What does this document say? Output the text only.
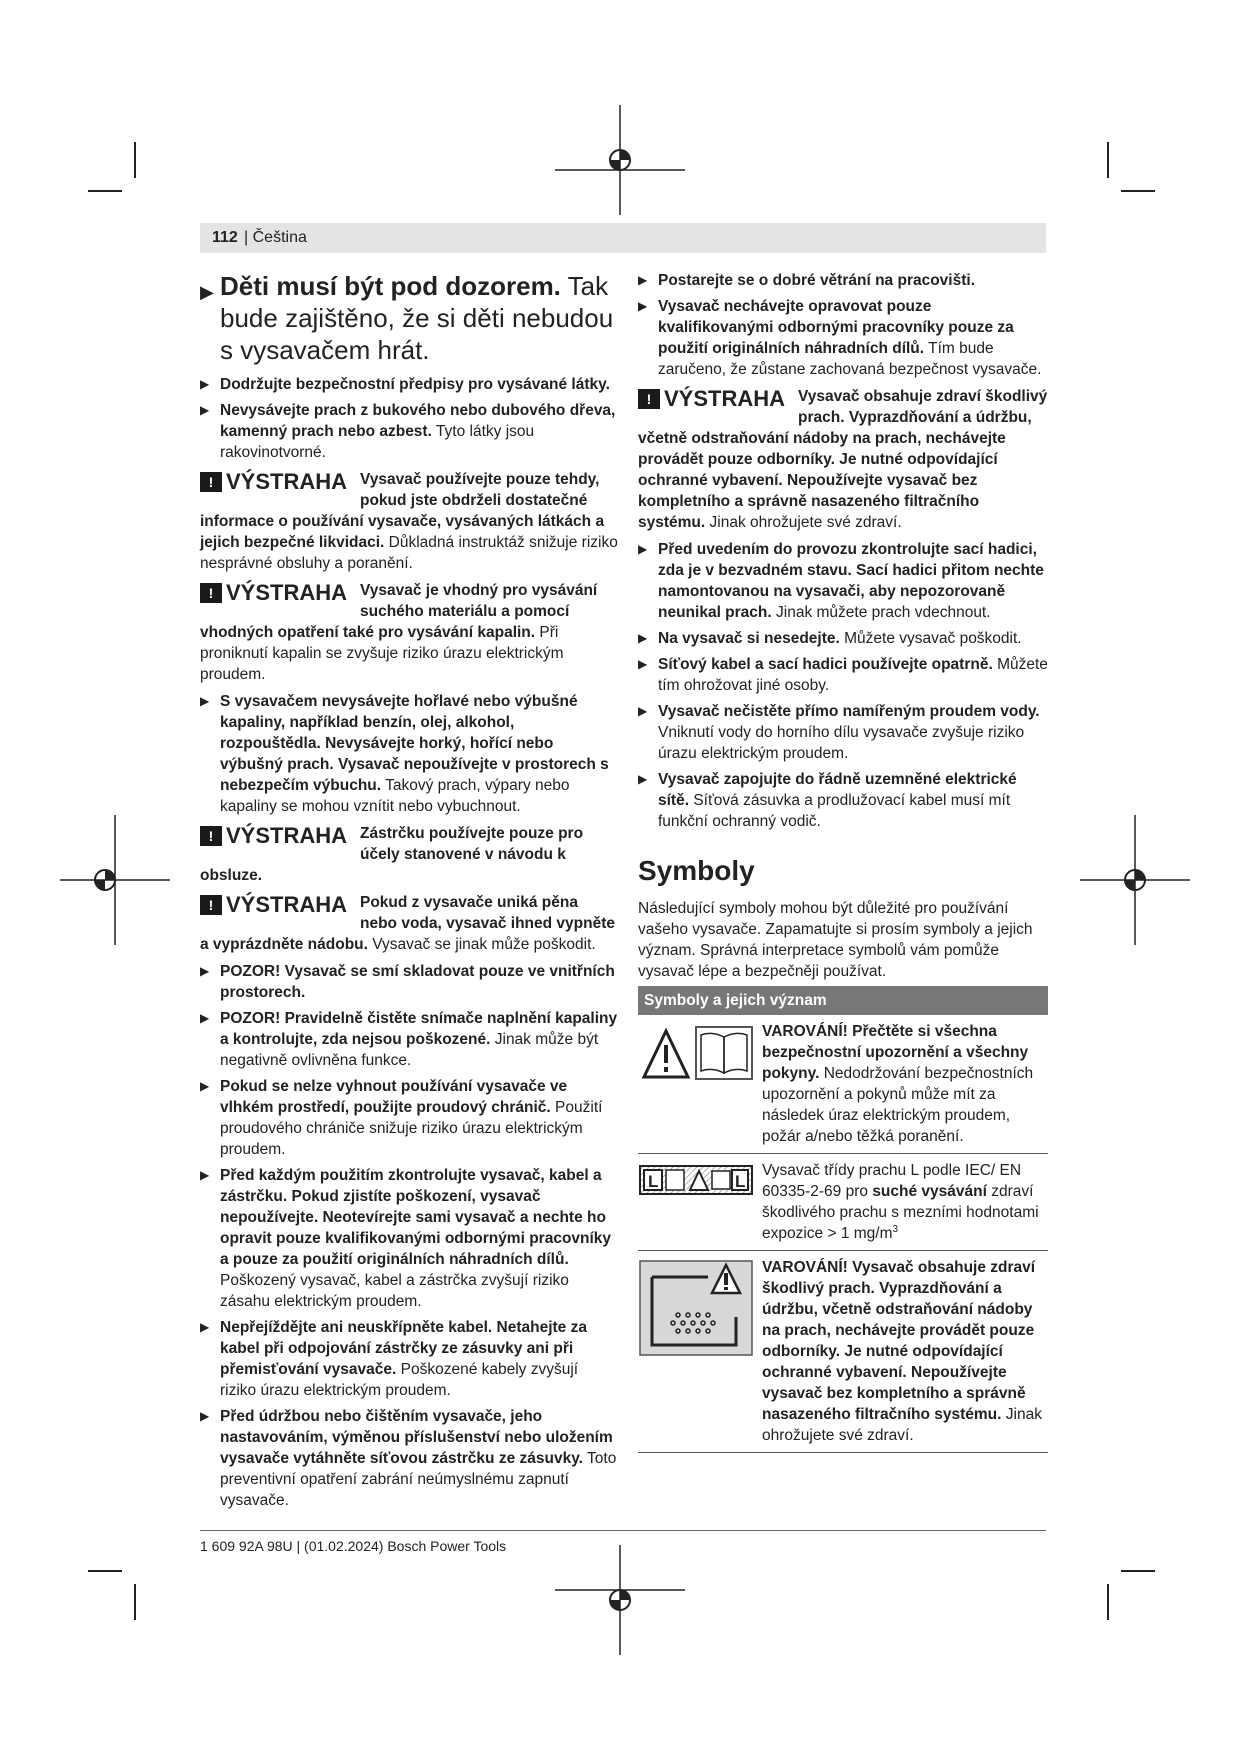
112 | Čeština
▶ Děti musí být pod dozorem. Tak bude zajištěno, že si děti nebudou s vysavačem hrát.
▶ Dodržujte bezpečnostní předpisy pro vysávané látky.
▶ Nevysávejte prach z bukového nebo dubového dřeva, kamenný prach nebo azbest. Tyto látky jsou rakovinotvorné.
! VÝSTRAHA Vysavač používejte pouze tehdy, pokud jste obdrželi dostatečné informace o používání vysavače, vysávaných látkách a jejich bezpečné likvidaci. Důkladná instruktáž snižuje riziko nesprávné obsluhy a poranění.
! VÝSTRAHA Vysavač je vhodný pro vysávání suchého materiálu a pomocí vhodných opatření také pro vysávání kapalin. Při proniknutí kapalin se zvyšuje riziko úrazu elektrickým proudem.
▶ S vysavačem nevysávejte hořlavé nebo výbušné kapaliny, například benzín, olej, alkohol, rozpouštědla. Nevysávejte horký, hořící nebo výbušný prach. Vysavač nepoužívejte v prostorech s nebezpečím výbuchu. Takový prach, výpary nebo kapaliny se mohou vznítit nebo vybuchnout.
! VÝSTRAHA Zástrčku používejte pouze pro účely stanovené v návodu k obsluze.
! VÝSTRAHA Pokud z vysavače uniká pěna nebo voda, vysavač ihned vypněte a vyprázdněte nádobu. Vysavač se jinak může poškodit.
▶ POZOR! Vysavač se smí skladovat pouze ve vnitřních prostorech.
▶ POZOR! Pravidelně čistěte snímače naplnění kapaliny a kontrolujte, zda nejsou poškozené. Jinak může být negativně ovlivněna funkce.
▶ Pokud se nelze vyhnout používání vysavače ve vlhkém prostředí, použijte proudový chránič. Použití proudového chrániče snižuje riziko úrazu elektrickým proudem.
▶ Před každým použitím zkontrolujte vysavač, kabel a zástrčku. Pokud zjistíte poškození, vysavač nepoužívejte. Neotevírejte sami vysavač a nechte ho opravit pouze kvalifikovanými odbornými pracovníky a pouze za použití originálních náhradních dílů. Poškozený vysavač, kabel a zástrčka zvyšují riziko zásahu elektrickým proudem.
▶ Nepřejíždějte ani neuskřípněte kabel. Netahejte za kabel při odpojování zástrčky ze zásuvky ani při přemisťování vysavače. Poškozené kabely zvyšují riziko úrazu elektrickým proudem.
▶ Před údržbou nebo čištěním vysavače, jeho nastavováním, výměnou příslušenství nebo uložením vysavače vytáhněte síťovou zástrčku ze zásuvky. Toto preventivní opatření zabrání neúmyslnému zapnutí vysavače.
▶ Postarejte se o dobré větrání na pracovišti.
▶ Vysavač nechávejte opravovat pouze kvalifikovanými odbornými pracovníky pouze za použití originálních náhradních dílů. Tím bude zaručeno, že zůstane zachovaná bezpečnost vysavače.
! VÝSTRAHA Vysavač obsahuje zdraví škodlivý prach. Vyprazdňování a údržbu, včetně odstraňování nádoby na prach, nechávejte provádět pouze odborníky. Je nutné odpovídající ochranné vybavení. Nepoužívejte vysavač bez kompletního a správně nasazeného filtračního systému. Jinak ohrožujete své zdraví.
▶ Před uvedením do provozu zkontrolujte sací hadici, zda je v bezvadném stavu. Sací hadici přitom nechte namontovanou na vysavači, aby nepozorovaně neunikal prach. Jinak můžete prach vdechnout.
▶ Na vysavač si nesedejte. Můžete vysavač poškodit.
▶ Síťový kabel a sací hadici používejte opatrně. Můžete tím ohrožovat jiné osoby.
▶ Vysavač nečistěte přímo namířeným proudem vody. Vniknutí vody do horního dílu vysavače zvyšuje riziko úrazu elektrickým proudem.
▶ Vysavač zapojujte do řádně uzemněné elektrické sítě. Síťová zásuvka a prodlužovací kabel musí mít funkční ochranný vodič.
Symboly
Následující symboly mohou být důležité pro používání vašeho vysavače. Zapamatujte si prosím symboly a jejich význam. Správná interpretace symbolů vám pomůže vysavač lépe a bezpečněji používat.
Symboly a jejich význam
VAROVÁNÍ! Přečtěte si všechna bezpečnostní upozornění a všechny pokyny. Nedodržování bezpečnostních upozornění a pokynů může mít za následek úraz elektrickým proudem, požár a/nebo těžká poranění.
L	L
Vysavač třídy prachu L podle IEC/ EN 60335-2-69 pro suché vysávání zdraví škodlivého prachu s mezními hodnotami expozice > 1 $mg/m^3$
VAROVÁNÍ! Vysavač obsahuje zdraví škodlivý prach. Vyprazdňování a údržbu, včetně odstraňování nádoby na prach, nechávejte provádět pouze odborníky. Je nutné odpovídající ochranné vybavení. Nepoužívejte vysavač bez kompletního a správně nasazeného filtračního systému. Jinak ohrožujete své zdraví.
1 609 92A 98U | (01.02.2024) Bosch Power Tools
